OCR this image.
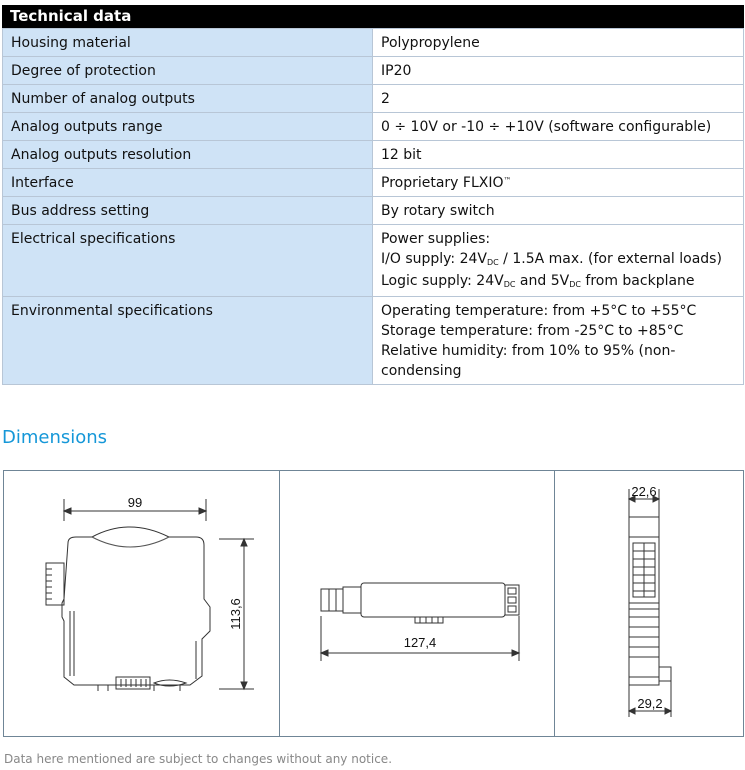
Technical data
Housing material	Polypropylene
Degree of protection	IP20
Number of analog outputs	2
Analog outputs range	0 ÷ 10V or -10 ÷ +10V (software configurable)
Analog outputs resolution	12 bit
Interface	Proprietary FLXIO™
Bus address setting	By rotary switch
Electrical specifications	Power supplies:
I/O supply: $24V_{DC} / 1.5A$ max. (for external loads)
Logic supply: $24V_{DC}$ and $5V_{DC}$ from backplane

Environmental specifications	Operating temperature: from +5°C to +55°C
Storage temperature: from -25°C to +85°C
Relative humidity: from 10% to 95% (non-condensing
Dimensions
99
113,6
127,4
22,6
29,2
Data here mentioned are subject to changes without any notice.
